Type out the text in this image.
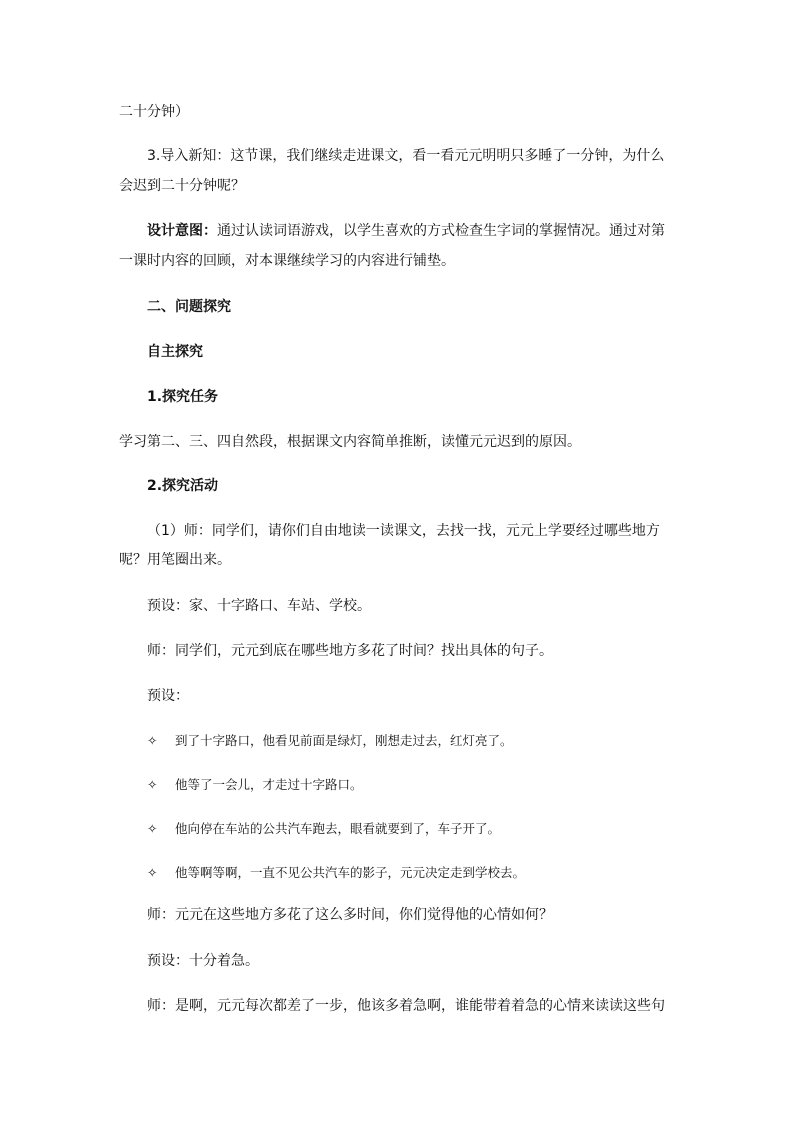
二十分钟）
3.导入新知：这节课，我们继续走进课文，看一看元元明明只多睡了一分钟，为什么
会迟到二十分钟呢？
设计意图：通过认读词语游戏，以学生喜欢的方式检查生字词的掌握情况。通过对第
一课时内容的回顾，对本课继续学习的内容进行铺垫。
二、问题探究
自主探究
1.探究任务
学习第二、三、四自然段，根据课文内容简单推断，读懂元元迟到的原因。
2.探究活动
（1）师：同学们，请你们自由地读一读课文，去找一找，元元上学要经过哪些地方
呢？用笔圈出来。
预设：家、十字路口、车站、学校。
师：同学们，元元到底在哪些地方多花了时间？找出具体的句子。
预设：
✧ 到了十字路口，他看见前面是绿灯，刚想走过去，红灯亮了。
✧ 他等了一会儿，才走过十字路口。
✧ 他向停在车站的公共汽车跑去，眼看就要到了，车子开了。
✧ 他等啊等啊，一直不见公共汽车的影子，元元决定走到学校去。
师：元元在这些地方多花了这么多时间，你们觉得他的心情如何？
预设：十分着急。
师：是啊，元元每次都差了一步，他该多着急啊，谁能带着着急的心情来读读这些句
